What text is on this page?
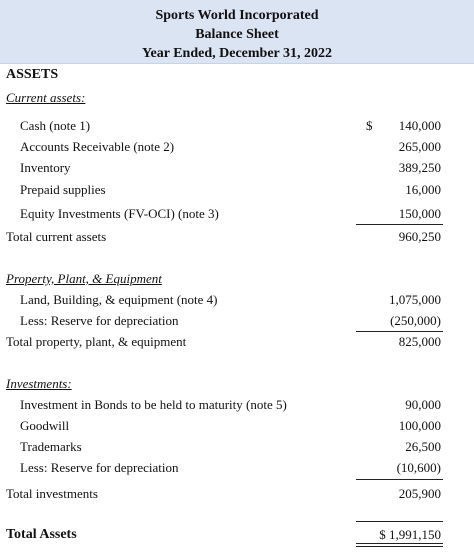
Sports World Incorporated
Balance Sheet
Year Ended, December 31, 2022
ASSETS
Current assets:
Cash (note 1)	$ 140,000
Accounts Receivable (note 2)	265,000
Inventory	389,250
Prepaid supplies	16,000
Equity Investments (FV-OCI) (note 3)	150,000
Total current assets	960,250
Property, Plant, & Equipment
Land, Building, & equipment (note 4)	1,075,000
Less: Reserve for depreciation	(250,000)
Total property, plant, & equipment	825,000
Investments:
Investment in Bonds to be held to maturity (note 5)	90,000
Goodwill	100,000
Trademarks	26,500
Less: Reserve for depreciation	(10,600)
Total investments	205,900
Total Assets	$ 1,991,150
